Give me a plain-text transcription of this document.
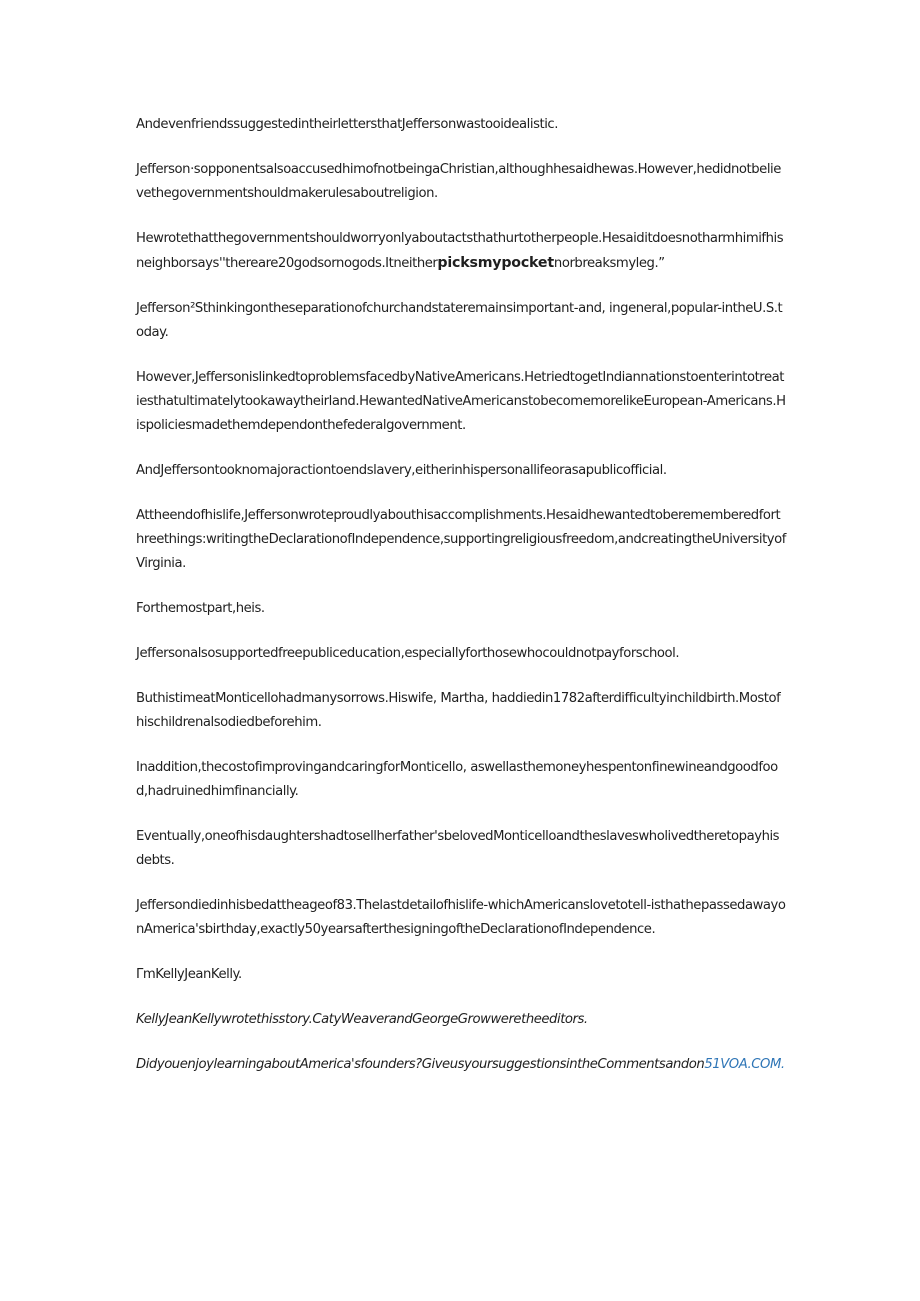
AndevenfriendssuggestedintheirlettersthatJeffersonwastooidealistic.

Jefferson·sopponentsalsoaccusedhimofnotbeingaChristian,althoughhesaidhewas.However,hedidnotbelievethegovernmentshouldmakerulesaboutreligion.

Hewrotethatthegovernmentshouldworryonlyaboutactsthathurtotherpeople.Hesaiditdoesnotharmhimifhisneighborsays''thereare20godsornogods.Itneitherpicksmypocketnorbreaksmyleg.”

Jefferson²Sthinkingontheseparationofchurchandstateremainsimportant-and, ingeneral,popular-intheU.S.today.

However,JeffersonislinkedtoproblemsfacedbyNativeAmericans.HetriedtogetIndiannationstoenterintotreatiesthatultimatelytookawaytheirland.HewantedNativeAmericanstobecomemorelikeEuropean-Americans.Hispoliciesmadethemdependonthefederalgovernment.

AndJeffersontooknomajoractiontoendslavery,eitherinhispersonallifeorasapublicofficial.

Attheendofhislife,Jeffersonwroteproudlyabouthisaccomplishments.Hesaidhewantedtoberememberedforthreethings:writingtheDeclarationofIndependence,supportingreligiousfreedom,andcreatingtheUniversityofVirginia.

Forthemostpart,heis.

Jeffersonalsosupportedfreepubliceducation,especiallyforthosewhocouldnotpayforschool.

ButhistimeatMonticellohadmanysorrows.Hiswife, Martha, haddiedin1782afterdifficultyinchildbirth.Mostofhischildrenalsodiedbeforehim.

Inaddition,thecostofimprovingandcaringforMonticello, aswellasthemoneyhespentonfinewineandgoodfood,hadruinedhimfinancially.

Eventually,oneofhisdaughtershadtosellherfather'sbelovedMonticelloandtheslaveswholivedtheretopayhisdebts.

Jeffersondiedinhisbedattheageof83.Thelastdetailofhislife-whichAmericanslovetotell-isthathepassedawayonAmerica'sbirthday,exactly50yearsafterthesigningoftheDeclarationofIndependence.

ΓmKellyJeanKelly.

KellyJeanKellywrotethisstory.CatyWeaverandGeorgeGrowweretheeditors.

DidyouenjoylearningaboutAmerica'sfounders?GiveusyoursuggestionsintheCommentsandon51VOA.COM.
